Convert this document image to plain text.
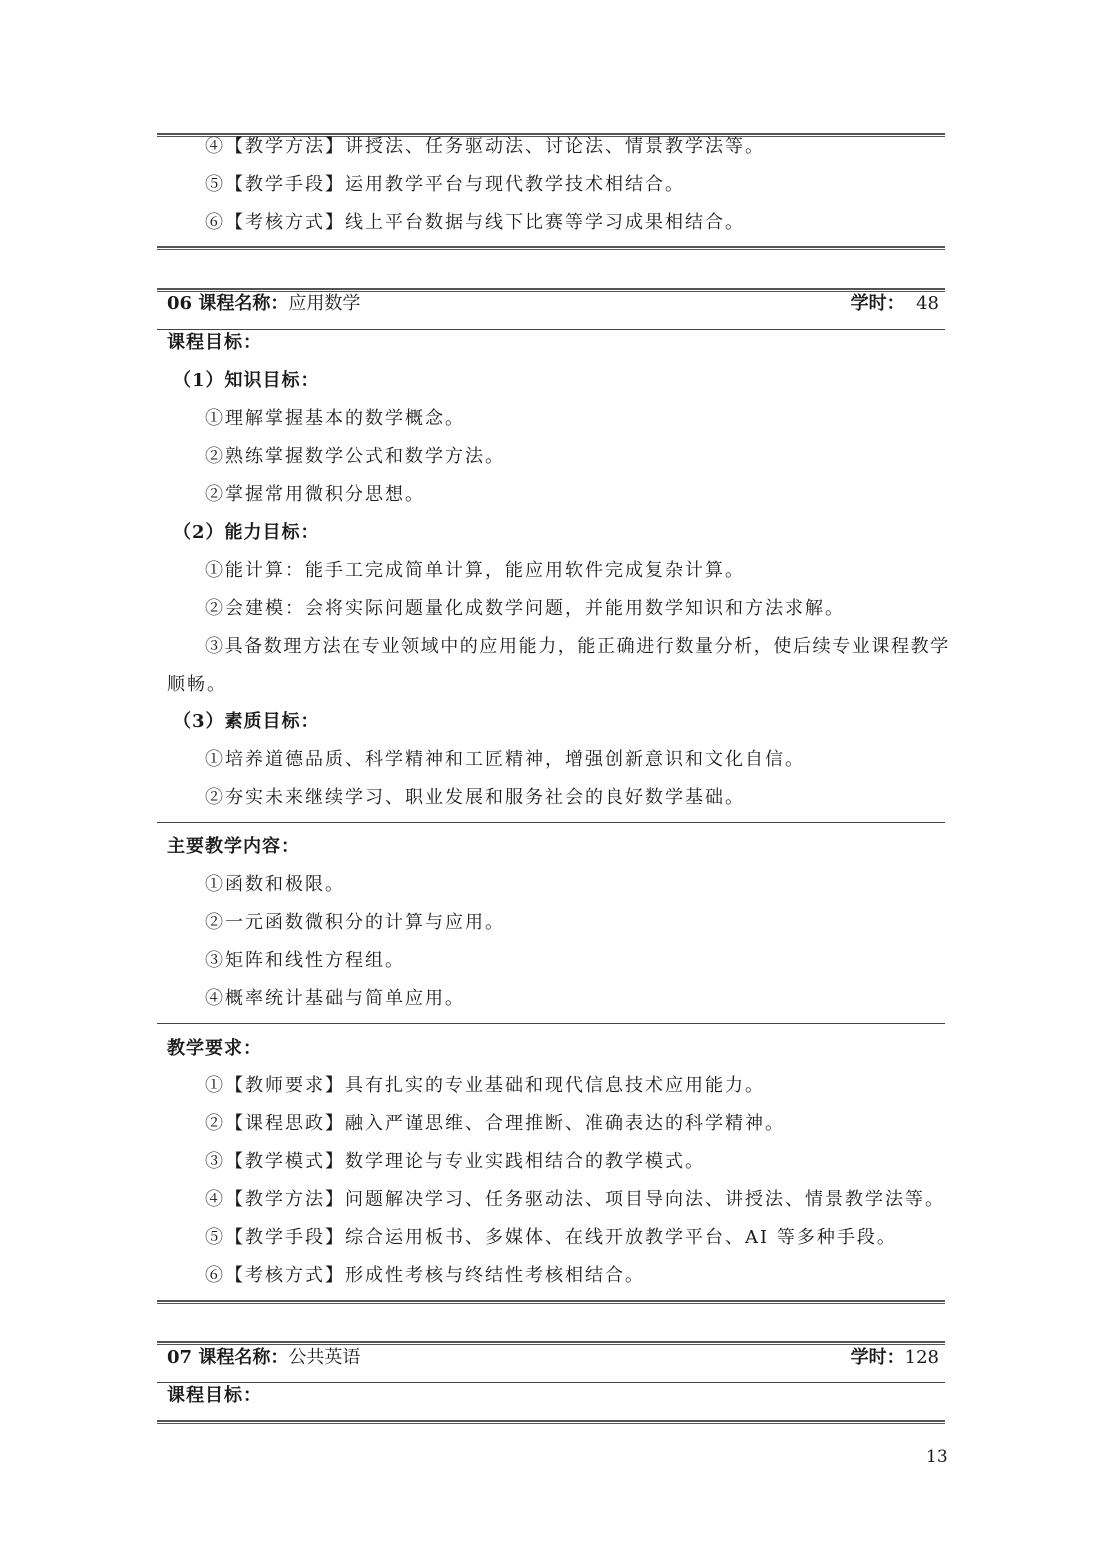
④【教学方法】讲授法、任务驱动法、讨论法、情景教学法等。
⑤【教学手段】运用教学平台与现代教学技术相结合。
⑥【考核方式】线上平台数据与线下比赛等学习成果相结合。
06 课程名称：应用数学	学时： 48
课程目标：
（1）知识目标：
①理解掌握基本的数学概念。
②熟练掌握数学公式和数学方法。
②掌握常用微积分思想。
（2）能力目标：
①能计算：能手工完成简单计算，能应用软件完成复杂计算。
②会建模：会将实际问题量化成数学问题，并能用数学知识和方法求解。
③具备数理方法在专业领域中的应用能力，能正确进行数量分析，使后续专业课程教学
顺畅。
（3）素质目标：
①培养道德品质、科学精神和工匠精神，增强创新意识和文化自信。
②夯实未来继续学习、职业发展和服务社会的良好数学基础。
主要教学内容：
①函数和极限。
②一元函数微积分的计算与应用。
③矩阵和线性方程组。
④概率统计基础与简单应用。
教学要求：
①【教师要求】具有扎实的专业基础和现代信息技术应用能力。
②【课程思政】融入严谨思维、合理推断、准确表达的科学精神。
③【教学模式】数学理论与专业实践相结合的教学模式。
④【教学方法】问题解决学习、任务驱动法、项目导向法、讲授法、情景教学法等。
⑤【教学手段】综合运用板书、多媒体、在线开放教学平台、AI 等多种手段。
⑥【考核方式】形成性考核与终结性考核相结合。
07 课程名称：公共英语	学时：128
课程目标：
13
